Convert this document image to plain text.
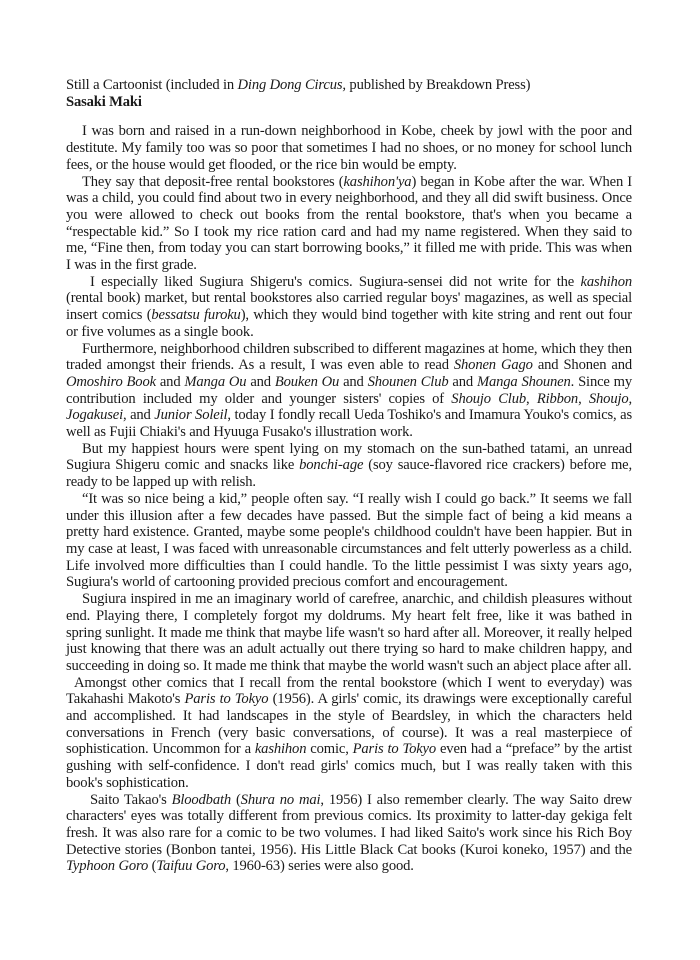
Still a Cartoonist (included in Ding Dong Circus, published by Breakdown Press)

Sasaki Maki

I was born and raised in a run-down neighborhood in Kobe, cheek by jowl with the poor and destitute. My family too was so poor that sometimes I had no shoes, or no money for school lunch fees, or the house would get flooded, or the rice bin would be empty.

They say that deposit-free rental bookstores (kashihon'ya) began in Kobe after the war. When I was a child, you could find about two in every neighborhood, and they all did swift business. Once you were allowed to check out books from the rental bookstore, that's when you became a “respectable kid.” So I took my rice ration card and had my name registered. When they said to me, “Fine then, from today you can start borrowing books,” it filled me with pride. This was when I was in the first grade.

I especially liked Sugiura Shigeru's comics. Sugiura-sensei did not write for the kashihon (rental book) market, but rental bookstores also carried regular boys' magazines, as well as special insert comics (bessatsu furoku), which they would bind together with kite string and rent out four or five volumes as a single book.

Furthermore, neighborhood children subscribed to different magazines at home, which they then traded amongst their friends. As a result, I was even able to read Shonen Gago and Shonen and Omoshiro Book and Manga Ou and Bouken Ou and Shounen Club and Manga Shounen. Since my contribution included my older and younger sisters' copies of Shoujo Club, Ribbon, Shoujo, Jogakusei, and Junior Soleil, today I fondly recall Ueda Toshiko's and Imamura Youko's comics, as well as Fujii Chiaki's and Hyuuga Fusako's illustration work.

But my happiest hours were spent lying on my stomach on the sun-bathed tatami, an unread Sugiura Shigeru comic and snacks like bonchi-age (soy sauce-flavored rice crackers) before me, ready to be lapped up with relish.

“It was so nice being a kid,” people often say. “I really wish I could go back.” It seems we fall under this illusion after a few decades have passed. But the simple fact of being a kid means a pretty hard existence. Granted, maybe some people's childhood couldn't have been happier. But in my case at least, I was faced with unreasonable circumstances and felt utterly powerless as a child. Life involved more difficulties than I could handle. To the little pessimist I was sixty years ago, Sugiura's world of cartooning provided precious comfort and encouragement.

Sugiura inspired in me an imaginary world of carefree, anarchic, and childish pleasures without end. Playing there, I completely forgot my doldrums. My heart felt free, like it was bathed in spring sunlight. It made me think that maybe life wasn't so hard after all. Moreover, it really helped just knowing that there was an adult actually out there trying so hard to make children happy, and succeeding in doing so. It made me think that maybe the world wasn't such an abject place after all.

Amongst other comics that I recall from the rental bookstore (which I went to everyday) was Takahashi Makoto's Paris to Tokyo (1956). A girls' comic, its drawings were exceptionally careful and accomplished. It had landscapes in the style of Beardsley, in which the characters held conversations in French (very basic conversations, of course). It was a real masterpiece of sophistication. Uncommon for a kashihon comic, Paris to Tokyo even had a “preface” by the artist gushing with self-confidence. I don't read girls' comics much, but I was really taken with this book's sophistication.

Saito Takao's Bloodbath (Shura no mai, 1956) I also remember clearly. The way Saito drew characters' eyes was totally different from previous comics. Its proximity to latter-day gekiga felt fresh. It was also rare for a comic to be two volumes. I had liked Saito's work since his Rich Boy Detective stories (Bonbon tantei, 1956). His Little Black Cat books (Kuroi koneko, 1957) and the Typhoon Goro (Taifuu Goro, 1960-63) series were also good.
